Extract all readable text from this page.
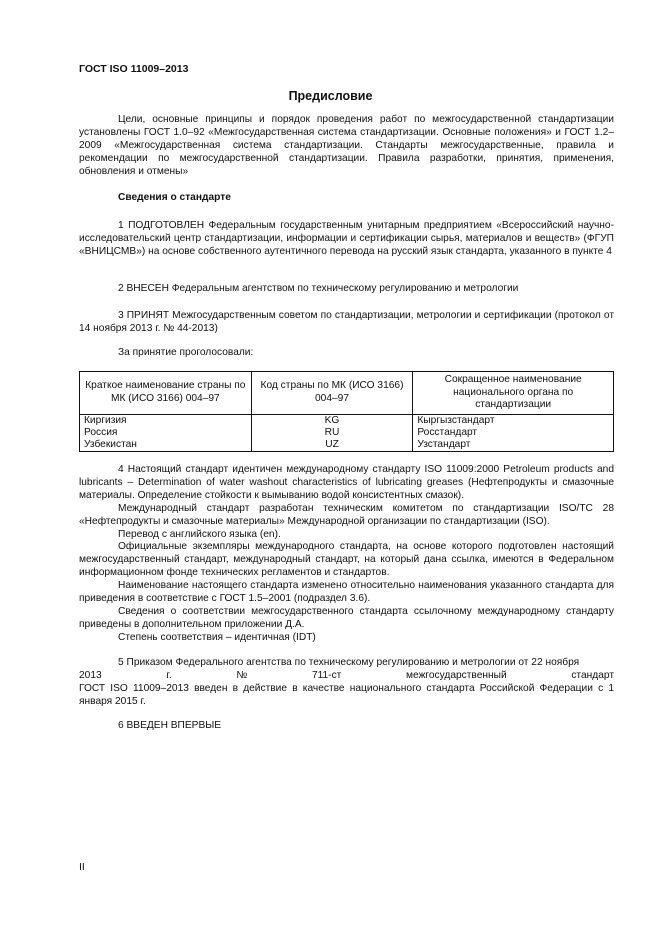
ГОСТ ISO 11009–2013
Предисловие

Цели, основные принципы и порядок проведения работ по межгосударственной стандартизации установлены ГОСТ 1.0–92 «Межгосударственная система стандартизации. Основные положения» и ГОСТ 1.2–2009 «Межгосударственная система стандартизации. Стандарты межгосударственные, правила и рекомендации по межгосударственной стандартизации. Правила разработки, принятия, применения, обновления и отмены»

Сведения о стандарте

1 ПОДГОТОВЛЕН Федеральным государственным унитарным предприятием «Всероссийский научно-исследовательский центр стандартизации, информации и сертификации сырья, материалов и веществ» (ФГУП «ВНИЦСМВ») на основе собственного аутентичного перевода на русский язык стандарта, указанного в пункте 4

2 ВНЕСЕН Федеральным агентством по техническому регулированию и метрологии

3 ПРИНЯТ Межгосударственным советом по стандартизации, метрологии и сертификации (протокол от 14 ноября 2013 г. № 44-2013)

За принятие проголосовали:

Краткое наименование страны по МК (ИСО 3166) 004–97	Код страны по МК (ИСО 3166) 004–97	Сокращенное наименование национального органа по стандартизации
Киргизия	KG	Кыргызстандарт
Россия	RU	Росстандарт
Узбекистан	UZ	Узстандарт

4 Настоящий стандарт идентичен международному стандарту ISO 11009:2000 Petroleum products and lubricants – Determination of water washout characteristics of lubricating greases (Нефтепродукты и смазочные материалы. Определение стойкости к вымыванию водой консистентных смазок).

Международный стандарт разработан техническим комитетом по стандартизации ISO/TC 28 «Нефтепродукты и смазочные материалы» Международной организации по стандартизации (ISO).

Перевод с английского языка (en).

Официальные экземпляры международного стандарта, на основе которого подготовлен настоящий межгосударственный стандарт, международный стандарт, на который дана ссылка, имеются в Федеральном информационном фонде технических регламентов и стандартов.

Наименование настоящего стандарта изменено относительно наименования указанного стандарта для приведения в соответствие с ГОСТ 1.5–2001 (подраздел 3.6).

Сведения о соответствии межгосударственного стандарта ссылочному международному стандарту приведены в дополнительном приложении Д.А.

Степень соответствия – идентичная (IDT)

5 Приказом Федерального агентства по техническому регулированию и метрологии от 22 ноября

2013	г.	№	711-ст	межгосударственный	стандарт

ГОСТ ISO 11009–2013 введен в действие в качестве национального стандарта Российской Федерации с 1 января 2015 г.

6 ВВЕДЕН ВПЕРВЫЕ

II
